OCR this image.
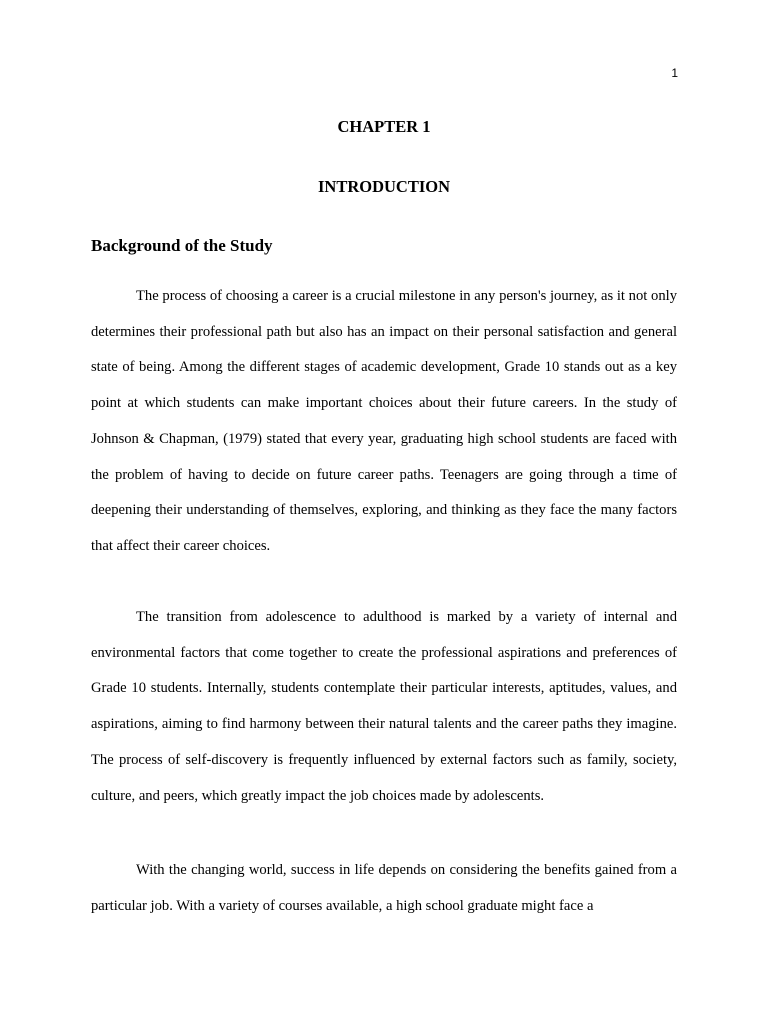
1
CHAPTER 1
INTRODUCTION
Background of the Study

The process of choosing a career is a crucial milestone in any person's journey, as it not only determines their professional path but also has an impact on their personal satisfaction and general state of being. Among the different stages of academic development, Grade 10 stands out as a key point at which students can make important choices about their future careers. In the study of Johnson & Chapman, (1979) stated that every year, graduating high school students are faced with the problem of having to decide on future career paths. Teenagers are going through a time of deepening their understanding of themselves, exploring, and thinking as they face the many factors that affect their career choices.

The transition from adolescence to adulthood is marked by a variety of internal and environmental factors that come together to create the professional aspirations and preferences of Grade 10 students. Internally, students contemplate their particular interests, aptitudes, values, and aspirations, aiming to find harmony between their natural talents and the career paths they imagine. The process of self-discovery is frequently influenced by external factors such as family, society, culture, and peers, which greatly impact the job choices made by adolescents.

With the changing world, success in life depends on considering the benefits gained from a particular job. With a variety of courses available, a high school graduate might face a
